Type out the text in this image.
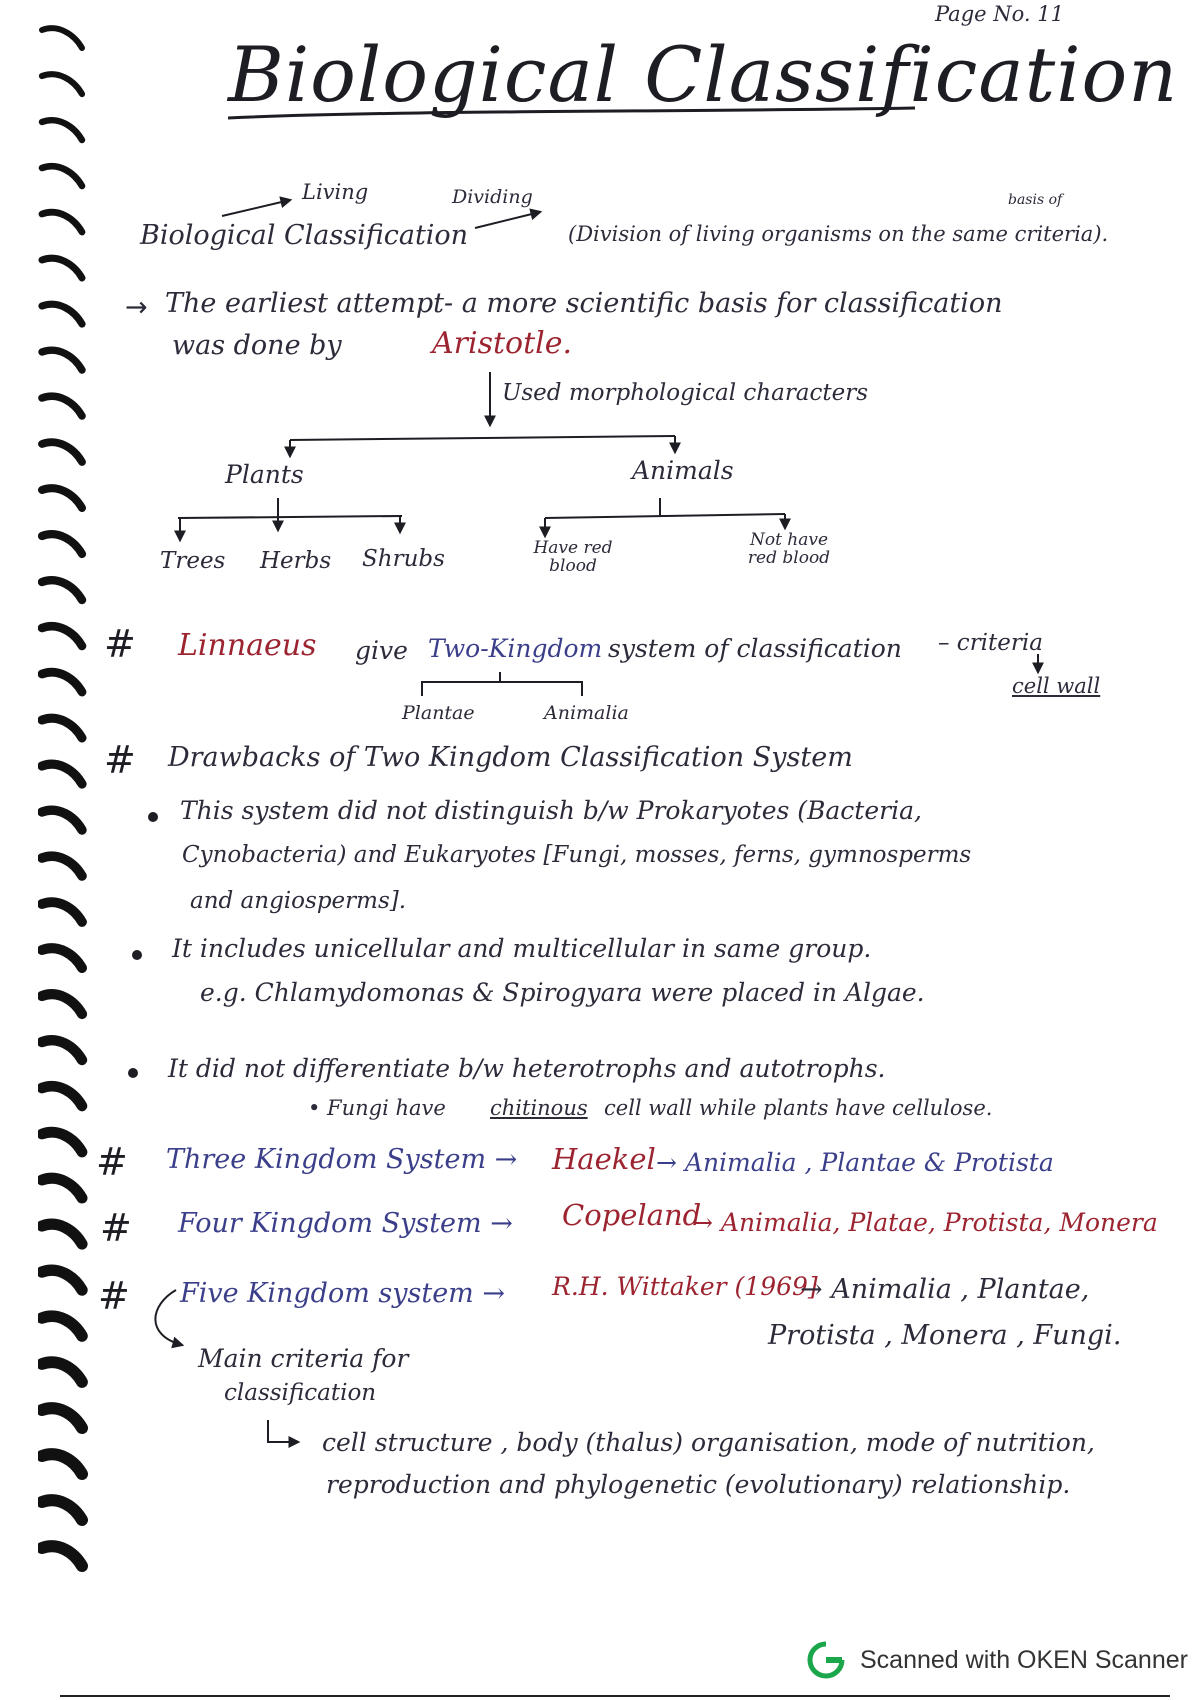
Page No. 11
Biological Classification
Living	Dividing	basis of
Biological Classification	(Division of living organisms on the same criteria).
→ The earliest attempt- a more scientific basis for classification
was done by	Aristotle.
Used morphological characters
Plants	Animals
Trees Herbs Shrubs	Have red blood
Not have red blood
# Linnaeus give Two-Kingdom system of classification – criteria
cell wall
Plantae	Animalia
# Drawbacks of Two Kingdom Classification System
This system did not distinguish b/w Prokaryotes (Bacteria,
Cynobacteria) and Eukaryotes [Fungi, mosses, ferns, gymnosperms
and angiosperms].
It includes unicellular and multicellular in same group.
e.g. Chlamydomonas & Spirogyara were placed in Algae.
It did not differentiate b/w heterotrophs and autotrophs.
• Fungi have chitinous cell wall while plants have cellulose.
# Three Kingdom System → Haekel → Animalia , Plantae & Protista
# Four Kingdom System → Copeland
→ Animalia, Platae, Protista, Monera
# Five Kingdom system → R.H. Wittaker (1969]
→ Animalia , Plantae,
Protista , Monera , Fungi.
Main criteria for
classification
cell structure , body (thalus) organisation, mode of nutrition,
reproduction and phylogenetic (evolutionary) relationship.
Scanned with OKEN Scanner
